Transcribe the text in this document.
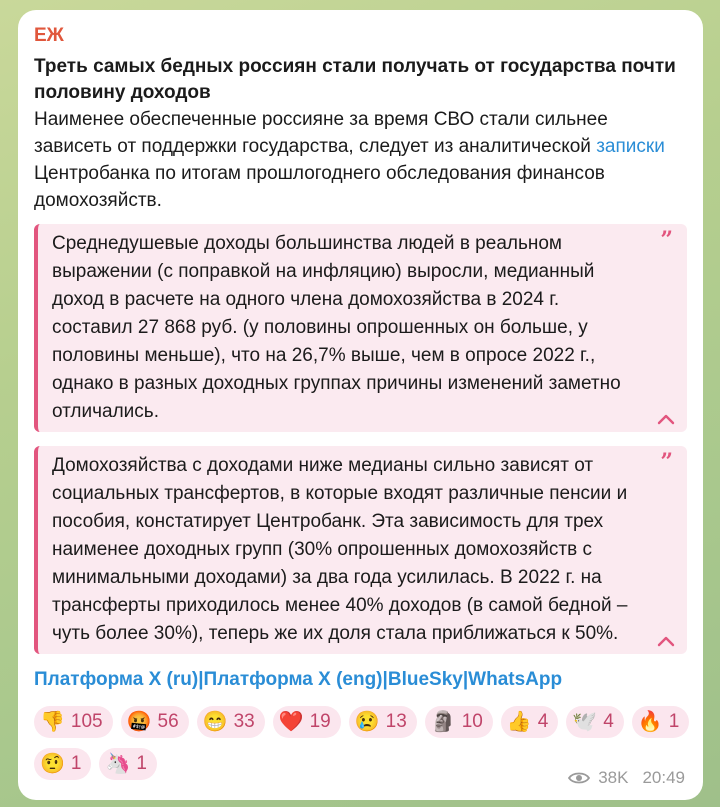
ЕЖ
Треть самых бедных россиян стали получать от государства почти половину доходов
Наименее обеспеченные россияне за время СВО стали сильнее зависеть от поддержки государства, следует из аналитической записки Центробанка по итогам прошлогоднего обследования финансов домохозяйств.
Среднедушевые доходы большинства людей в реальном выражении (с поправкой на инфляцию) выросли, медианный доход в расчете на одного члена домохозяйства в 2024 г. составил 27 868 руб. (у половины опрошенных он больше, у половины меньше), что на 26,7% выше, чем в опросе 2022 г., однако в разных доходных группах причины изменений заметно отличались.
”
Домохозяйства с доходами ниже медианы сильно зависят от социальных трансфертов, в которые входят различные пенсии и пособия, констатирует Центробанк. Эта зависимость для трех наименее доходных групп (30% опрошенных домохозяйств с минимальными доходами) за два года усилилась. В 2022 г. на трансферты приходилось менее 40% доходов (в самой бедной – чуть более 30%), теперь же их доля стала приближаться к 50%.
”
Платформа X (ru)|Платформа X (eng)|BlueSky|WhatsApp
👎 105 🤬 56 😁 33 ❤️ 19 😢 13 🗿 10 👍 4 🕊️ 4 🔥 1
🤨 1 🦄 1
38K 20:49
